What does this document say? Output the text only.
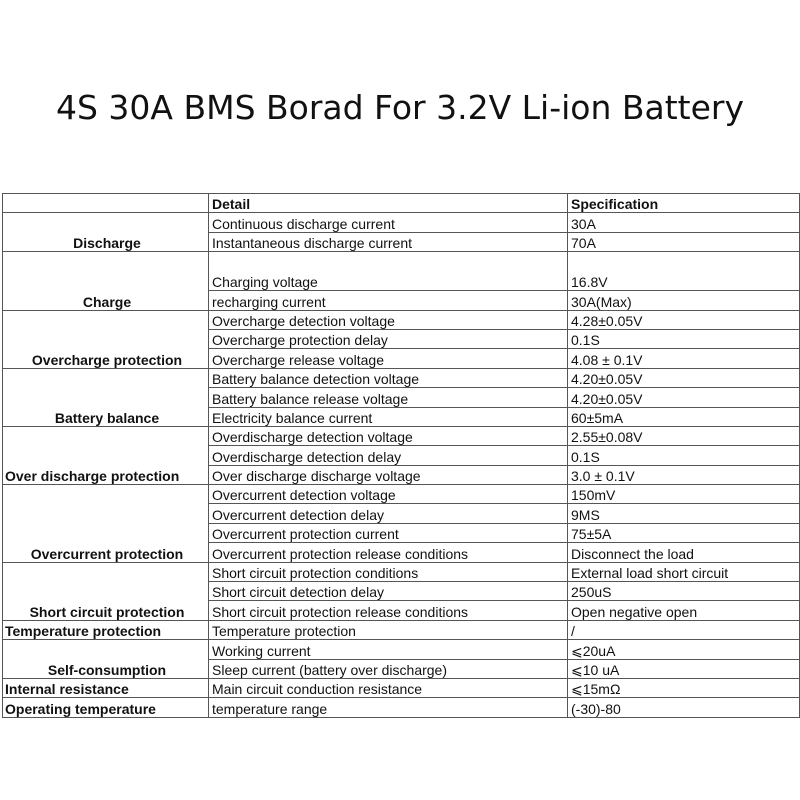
4S 30A BMS Borad For 3.2V Li-ion Battery
	Detail	Specification
Discharge	Continuous discharge current	30A
	Instantaneous discharge current	70A
Charge	Charging voltage	16.8V
	recharging current	30A(Max)
Overcharge protection	Overcharge detection voltage	4.28±0.05V
	Overcharge protection delay	0.1S
	Overcharge release voltage	4.08 ± 0.1V
Battery balance	Battery balance detection voltage	4.20±0.05V
	Battery balance release voltage	4.20±0.05V
	Electricity balance current	60±5mA
Over discharge protection	Overdischarge detection voltage	2.55±0.08V
	Overdischarge detection delay	0.1S
	Over discharge discharge voltage	3.0 ± 0.1V
Overcurrent protection	Overcurrent detection voltage	150mV
	Overcurrent detection delay	9MS
	Overcurrent protection current	75±5A
	Overcurrent protection release conditions	Disconnect the load
Short circuit protection	Short circuit protection conditions	External load short circuit
	Short circuit detection delay	250uS
	Short circuit protection release conditions	Open negative open
Temperature protection	Temperature protection	/
Self-consumption	Working current	⩽20uA
	Sleep current (battery over discharge)	⩽10 uA
Internal resistance	Main circuit conduction resistance	⩽15mΩ
Operating temperature	temperature range	(-30)-80
